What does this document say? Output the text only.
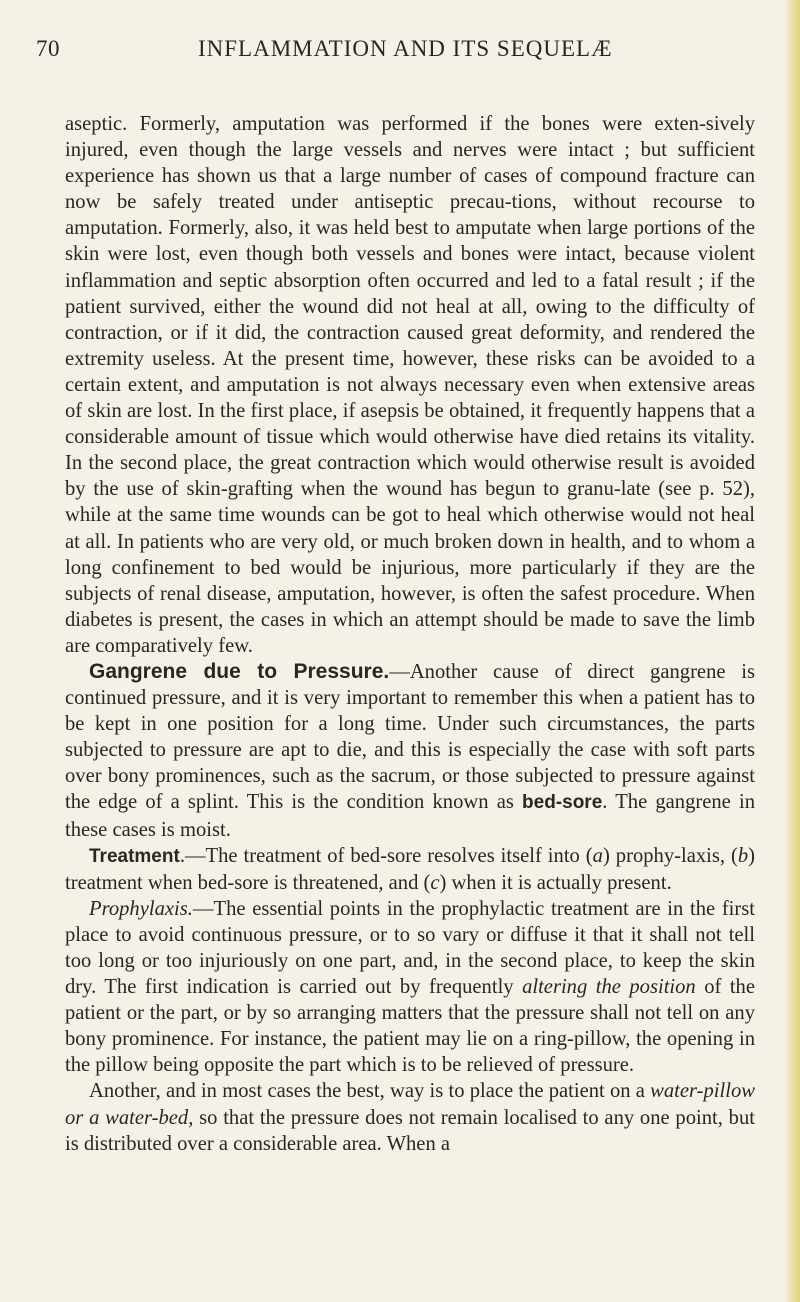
70	INFLAMMATION AND ITS SEQUELÆ

aseptic. Formerly, amputation was performed if the bones were exten-sively injured, even though the large vessels and nerves were intact ; but sufficient experience has shown us that a large number of cases of compound fracture can now be safely treated under antiseptic precau-tions, without recourse to amputation. Formerly, also, it was held best to amputate when large portions of the skin were lost, even though both vessels and bones were intact, because violent inflammation and septic absorption often occurred and led to a fatal result ; if the patient survived, either the wound did not heal at all, owing to the difficulty of contraction, or if it did, the contraction caused great deformity, and rendered the extremity useless. At the present time, however, these risks can be avoided to a certain extent, and amputation is not always necessary even when extensive areas of skin are lost. In the first place, if asepsis be obtained, it frequently happens that a considerable amount of tissue which would otherwise have died retains its vitality. In the second place, the great contraction which would otherwise result is avoided by the use of skin-grafting when the wound has begun to granu-late (see p. 52), while at the same time wounds can be got to heal which otherwise would not heal at all. In patients who are very old, or much broken down in health, and to whom a long confinement to bed would be injurious, more particularly if they are the subjects of renal disease, amputation, however, is often the safest procedure. When diabetes is present, the cases in which an attempt should be made to save the limb are comparatively few.

Gangrene due to Pressure.—Another cause of direct gangrene is continued pressure, and it is very important to remember this when a patient has to be kept in one position for a long time. Under such circumstances, the parts subjected to pressure are apt to die, and this is especially the case with soft parts over bony prominences, such as the sacrum, or those subjected to pressure against the edge of a splint. This is the condition known as bed-sore. The gangrene in these cases is moist.

Treatment.—The treatment of bed-sore resolves itself into (a) prophy-laxis, (b) treatment when bed-sore is threatened, and (c) when it is actually present.

Prophylaxis.—The essential points in the prophylactic treatment are in the first place to avoid continuous pressure, or to so vary or diffuse it that it shall not tell too long or too injuriously on one part, and, in the second place, to keep the skin dry. The first indication is carried out by frequently altering the position of the patient or the part, or by so arranging matters that the pressure shall not tell on any bony prominence. For instance, the patient may lie on a ring-pillow, the opening in the pillow being opposite the part which is to be relieved of pressure.

Another, and in most cases the best, way is to place the patient on a water-pillow or a water-bed, so that the pressure does not remain localised to any one point, but is distributed over a considerable area. When a
